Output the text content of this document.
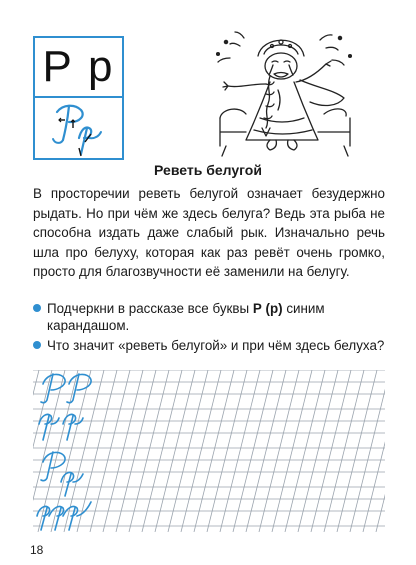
Р р
Реветь белугой
В просторечии реветь белугой означает безудержно рыдать. Но при чём же здесь белуга? Ведь эта рыба не способна издать даже слабый рык. Изначально речь шла про белуху, которая как раз ревёт очень громко, просто для благозвучности её заменили на белугу.
Подчеркни в рассказе все буквы Р (р) синим карандашом.
Что значит «реветь белугой» и при чём здесь белуха?
18
